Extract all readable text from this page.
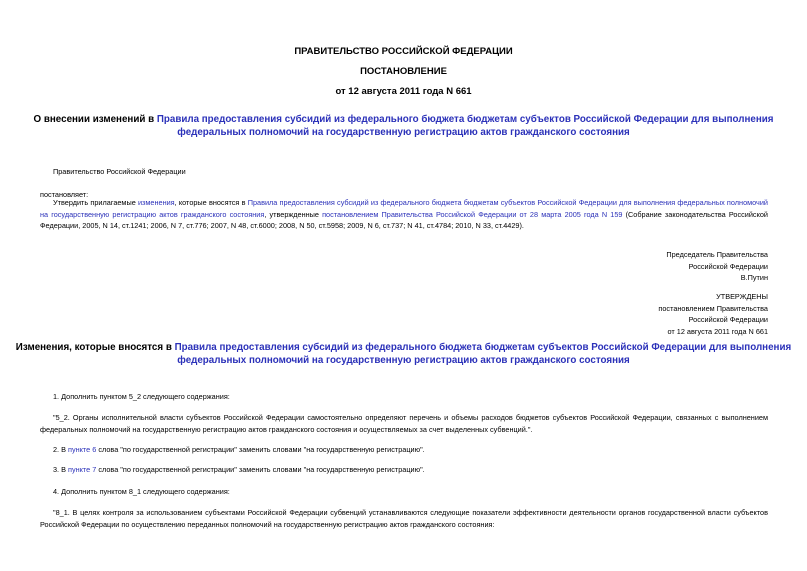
ПРАВИТЕЛЬСТВО РОССИЙСКОЙ ФЕДЕРАЦИИ
ПОСТАНОВЛЕНИЕ
от 12 августа 2011 года N 661
О внесении изменений в Правила предоставления субсидий из федерального бюджета бюджетам субъектов Российской Федерации для выполнения федеральных полномочий на государственную регистрацию актов гражданского состояния
Правительство Российской Федерации
постановляет:
Утвердить прилагаемые изменения, которые вносятся в Правила предоставления субсидий из федерального бюджета бюджетам субъектов Российской Федерации для выполнения федеральных полномочий на государственную регистрацию актов гражданского состояния, утвержденные постановлением Правительства Российской Федерации от 28 марта 2005 года N 159 (Собрание законодательства Российской Федерации, 2005, N 14, ст.1241; 2006, N 7, ст.776; 2007, N 48, ст.6000; 2008, N 50, ст.5958; 2009, N 6, ст.737; N 41, ст.4784; 2010, N 33, ст.4429).
Председатель Правительства
Российской Федерации
В.Путин
УТВЕРЖДЕНЫ
постановлением Правительства
Российской Федерации
от 12 августа 2011 года N 661
Изменения, которые вносятся в Правила предоставления субсидий из федерального бюджета бюджетам субъектов Российской Федерации для выполнения федеральных полномочий на государственную регистрацию актов гражданского состояния
1. Дополнить пунктом 5_2 следующего содержания:
"5_2. Органы исполнительной власти субъектов Российской Федерации самостоятельно определяют перечень и объемы расходов бюджетов субъектов Российской Федерации, связанных с выполнением федеральных полномочий на государственную регистрацию актов гражданского состояния и осуществляемых за счет выделенных субвенций.".
2. В пункте 6 слова "по государственной регистрации" заменить словами "на государственную регистрацию".
3. В пункте 7 слова "по государственной регистрации" заменить словами "на государственную регистрацию".
4. Дополнить пунктом 8_1 следующего содержания:
"8_1. В целях контроля за использованием субъектами Российской Федерации субвенций устанавливаются следующие показатели эффективности деятельности органов государственной власти субъектов Российской Федерации по осуществлению переданных полномочий на государственную регистрацию актов гражданского состояния:
